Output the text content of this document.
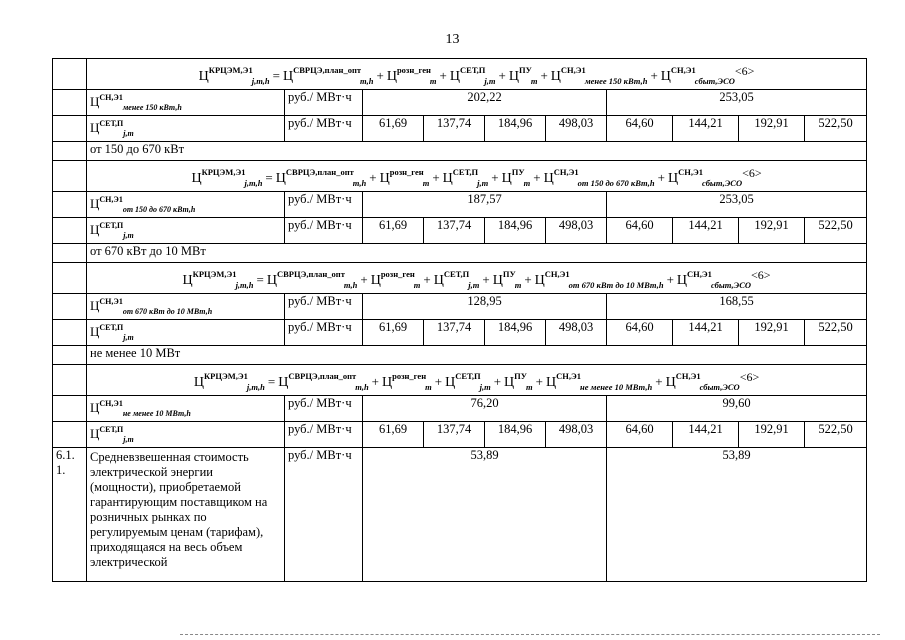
13
	$Ц^{КРЦЭМ,Э1}_{j,m,h} = Ц^{СВРЦЭ,план\_опт}_{m,h} + Ц^{розн\_ген}_m + Ц^{СЕТ,П}_{j,m} + Ц^{ПУ}_m + Ц^{СН,Э1}_{менее 150 кВт,h} + Ц^{СН,Э1}_{сбыт,ЭСО}<6>$									
	$Ц^{СН,Э1}_{менее 150 кВт,h}$	руб./ МВт·ч	202,22				253,05			
	$Ц^{СЕТ,П}_{j,m}$	руб./ МВт·ч	61,69	137,74	184,96	498,03	64,60	144,21	192,91	522,50
	от 150 до 670 кВт									
	$Ц^{КРЦЭМ,Э1}_{j,m,h} = Ц^{СВРЦЭ,план\_опт}_{m,h} + Ц^{розн\_ген}_m + Ц^{СЕТ,П}_{j,m} + Ц^{ПУ}_m + Ц^{СН,Э1}_{от 150 до 670 кВт,h} + Ц^{СН,Э1}_{сбыт,ЭСО}<6>$									
	$Ц^{СН,Э1}_{от 150 до 670 кВт,h}$	руб./ МВт·ч	187,57				253,05			
	$Ц^{СЕТ,П}_{j,m}$	руб./ МВт·ч	61,69	137,74	184,96	498,03	64,60	144,21	192,91	522,50
	от 670 кВт до 10 МВт									
	$Ц^{КРЦЭМ,Э1}_{j,m,h} = Ц^{СВРЦЭ,план\_опт}_{m,h} + Ц^{розн\_ген}_m + Ц^{СЕТ,П}_{j,m} + Ц^{ПУ}_m + Ц^{СН,Э1}_{от 670 кВт до 10 МВт,h} + Ц^{СН,Э1}_{сбыт,ЭСО}<6>$									
	$Ц^{СН,Э1}_{от 670 кВт до 10 МВт,h}$	руб./ МВт·ч	128,95				168,55			
	$Ц^{СЕТ,П}_{j,m}$	руб./ МВт·ч	61,69	137,74	184,96	498,03	64,60	144,21	192,91	522,50
	не менее 10 МВт									
	$Ц^{КРЦЭМ,Э1}_{j,m,h} = Ц^{СВРЦЭ,план\_опт}_{m,h} + Ц^{розн\_ген}_m + Ц^{СЕТ,П}_{j,m} + Ц^{ПУ}_m + Ц^{СН,Э1}_{не менее 10 МВт,h} + Ц^{СН,Э1}_{сбыт,ЭСО}<6>$									
	$Ц^{СН,Э1}_{не менее 10 МВт,h}$	руб./ МВт·ч	76,20				99,60			
	$Ц^{СЕТ,П}_{j,m}$	руб./ МВт·ч	61,69	137,74	184,96	498,03	64,60	144,21	192,91	522,50

6.1.
1.	Средневзвешенная стоимость электрической энергии (мощности), приобретаемой гарантирующим поставщиком на розничных рынках по регулируемым ценам (тарифам), приходящаяся на весь объем электрической	руб./ МВт·ч	53,89				53,89			
